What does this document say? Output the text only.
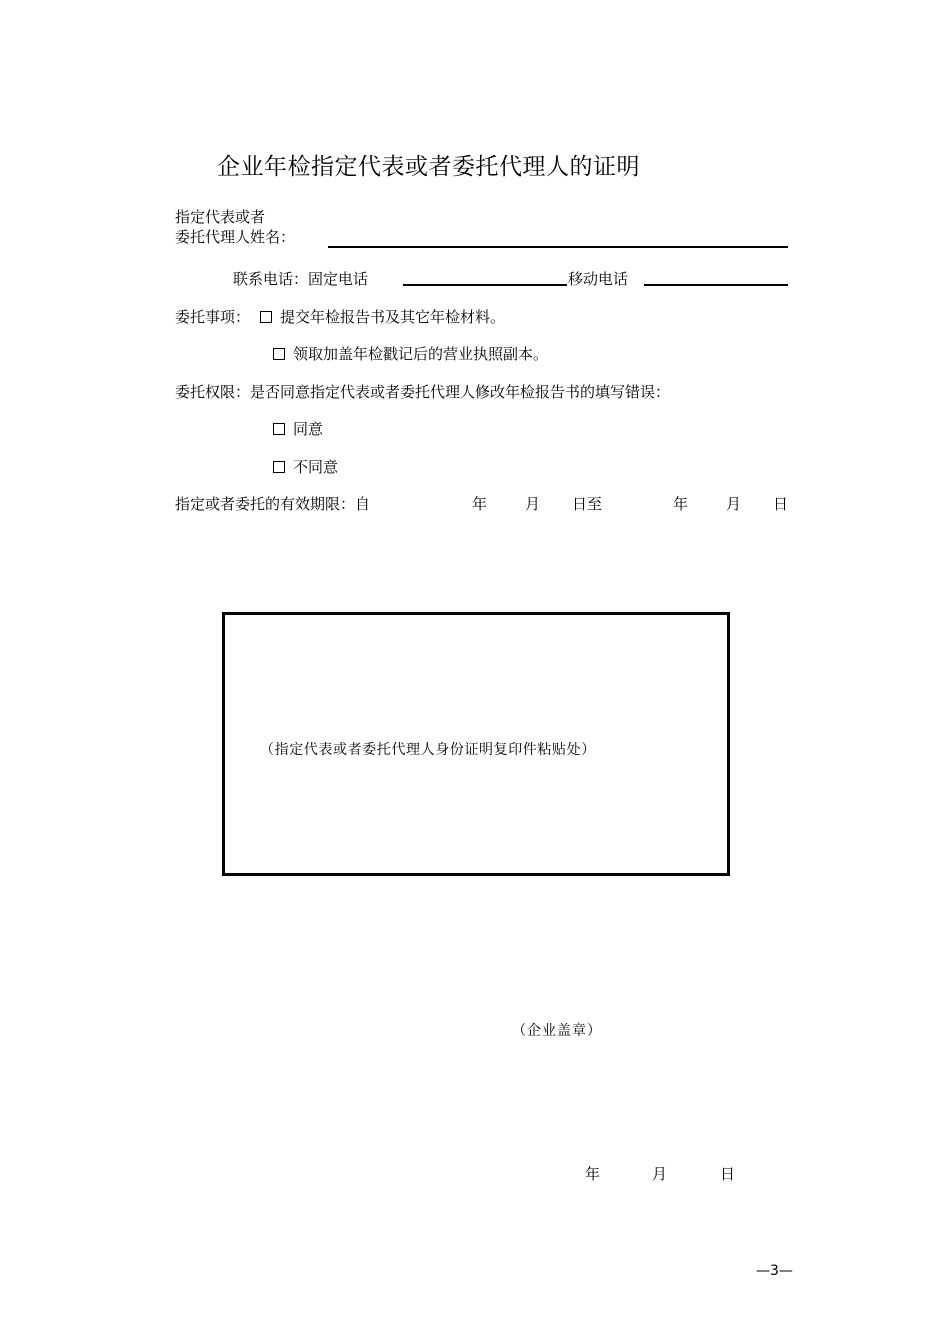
企业年检指定代表或者委托代理人的证明
指定代表或者
委托代理人姓名：
联系电话：固定电话	移动电话
委托事项：	提交年检报告书及其它年检材料。
领取加盖年检戳记后的营业执照副本。
委托权限：是否同意指定代表或者委托代理人修改年检报告书的填写错误：
同意
不同意
指定或者委托的有效期限：自	年	月 日至	年	月 日
（指定代表或者委托代理人身份证明复印件粘贴处）
（企业盖章）
年	月	日
—3—
